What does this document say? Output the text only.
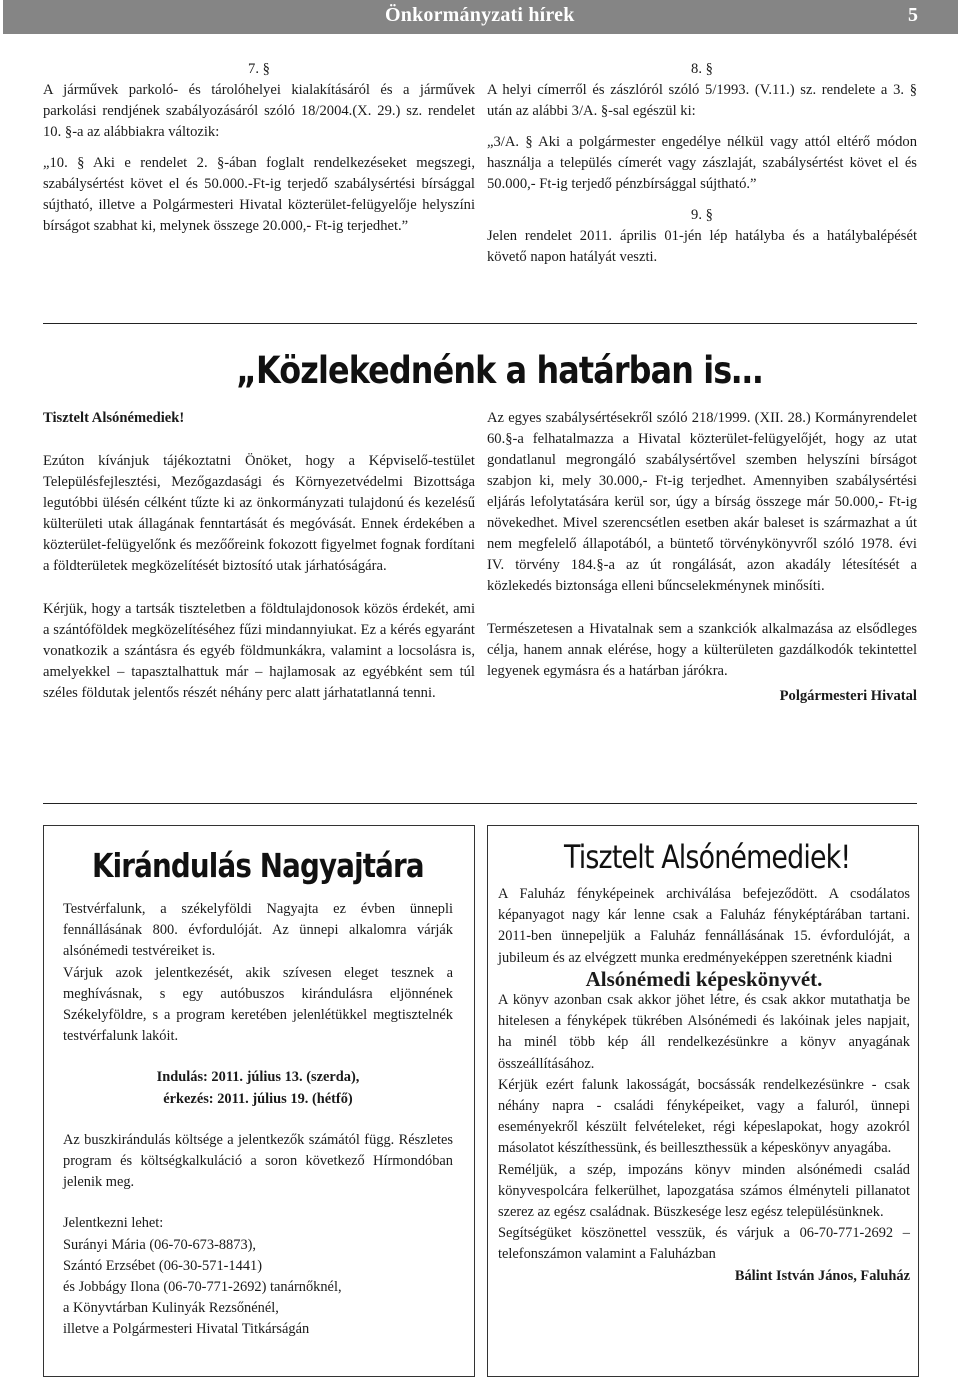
Önkormányzati hírek	5

7. §

A járművek parkoló- és tárolóhelyei kialakításáról és a járművek parkolási rendjének szabályozásáról szóló 18/2004.(X. 29.) sz. rendelet 10. §-a az alábbiakra változik:

„10. § Aki e rendelet 2. §-ában foglalt rendelkezéseket megszegi, szabálysértést követ el és 50.000.-Ft-ig terjedő szabálysértési bírsággal sújtható, illetve a Polgármesteri Hivatal közterület-felügyelője helyszíni bírságot szabhat ki, melynek összege 20.000,- Ft-ig terjedhet.”

8. §

A helyi címerről és zászlóról szóló 5/1993. (V.11.) sz. rendelete a 3. § után az alábbi 3/A. §-sal egészül ki:

„3/A. § Aki a polgármester engedélye nélkül vagy attól eltérő módon használja a település címerét vagy zászlaját, szabálysértést követ el és 50.000,- Ft-ig terjedő pénzbírsággal sújtható.”

9. §

Jelen rendelet 2011. április 01-jén lép hatályba és a hatálybalépését követő napon hatályát veszti.

„Közlekednénk a határban is…

Tisztelt Alsónémediek!

Ezúton kívánjuk tájékoztatni Önöket, hogy a Képviselő-testület Településfejlesztési, Mezőgazdasági és Környezetvédelmi Bizottsága legutóbbi ülésén célként tűzte ki az önkormányzati tulajdonú és kezelésű külterületi utak állagának fenntartását és megóvását. Ennek érdekében a közterület-felügyelőnk és mezőőreink fokozott figyelmet fognak fordítani a földterületek megközelítését biztosító utak járhatóságára.

Kérjük, hogy a tartsák tiszteletben a földtulajdonosok közös érdekét, ami a szántóföldek megközelítéséhez fűzi mindannyiukat. Ez a kérés egyaránt vonatkozik a szántásra és egyéb földmunkákra, valamint a locsolásra is, amelyekkel – tapasztalhattuk már – hajlamosak az egyébként sem túl széles földutak jelentős részét néhány perc alatt járhatatlanná tenni.

Az egyes szabálysértésekről szóló 218/1999. (XII. 28.) Kormányrendelet 60.§-a felhatalmazza a Hivatal közterület-felügyelőjét, hogy az utat gondatlanul megrongáló szabálysértővel szemben helyszíni bírságot szabjon ki, mely 30.000,- Ft-ig terjedhet. Amennyiben szabálysértési eljárás lefolytatására kerül sor, úgy a bírság összege már 50.000,- Ft-ig növekedhet. Mivel szerencsétlen esetben akár baleset is származhat a út nem megfelelő állapotából, a büntető törvénykönyvről szóló 1978. évi IV. törvény 184.§-a az út rongálását, azon akadály létesítését a közlekedés biztonsága elleni bűncselekménynek minősíti.

Természetesen a Hivatalnak sem a szankciók alkalmazása az elsődleges célja, hanem annak elérése, hogy a külterületen gazdálkodók tekintettel legyenek egymásra és a határban járókra.

Polgármesteri Hivatal

Kirándulás Nagyajtára

Testvérfalunk, a székelyföldi Nagyajta ez évben ünnepli fennállásának 800. évfordulóját. Az ünnepi alkalomra várják alsónémedi testvéreiket is.

Várjuk azok jelentkezését, akik szívesen eleget tesznek a meghívásnak, s egy autóbuszos kirándulásra eljönnének Székelyföldre, s a program keretében jelenlétükkel megtisztelnék testvérfalunk lakóit.

Indulás: 2011. július 13. (szerda),

érkezés: 2011. július 19. (hétfő)

Az buszkirándulás költsége a jelentkezők számától függ. Részletes program és költségkalkuláció a soron következő Hírmondóban jelenik meg.

Jelentkezni lehet:

Surányi Mária (06-70-673-8873),

Szántó Erzsébet (06-30-571-1441)

és Jobbágy Ilona (06-70-771-2692) tanárnőknél,

a Könyvtárban Kulinyák Rezsőnénél,

illetve a Polgármesteri Hivatal Titkárságán

Tisztelt Alsónémediek!

A Faluház fényképeinek archiválása befejeződött. A csodálatos képanyagot nagy kár lenne csak a Faluház fényképtárában tartani. 2011-ben ünnepeljük a Faluház fennállásának 15. évfordulóját, a jubileum és az elvégzett munka eredményeképpen szeretnénk kiadni

Alsónémedi képeskönyvét.

A könyv azonban csak akkor jöhet létre, és csak akkor mutathatja be hitelesen a fényképek tükrében Alsónémedi és lakóinak jeles napjait, ha minél több kép áll rendelkezésünkre a könyv anyagának összeállításához.

Kérjük ezért falunk lakosságát, bocsássák rendelkezésünkre - csak néhány napra - családi fényképeiket, vagy a faluról, ünnepi eseményekről készült felvételeket, régi képeslapokat, hogy azokról másolatot készíthessünk, és beilleszthessük a képeskönyv anyagába.

Reméljük, a szép, impozáns könyv minden alsónémedi család könyvespolcára felkerülhet, lapozgatása számos élményteli pillanatot szerez az egész családnak. Büszkesége lesz egész településünknek.

Segítségüket köszönettel vesszük, és várjuk a 06-70-771-2692 – telefonszámon valamint a Faluházban

Bálint István János, Faluház
